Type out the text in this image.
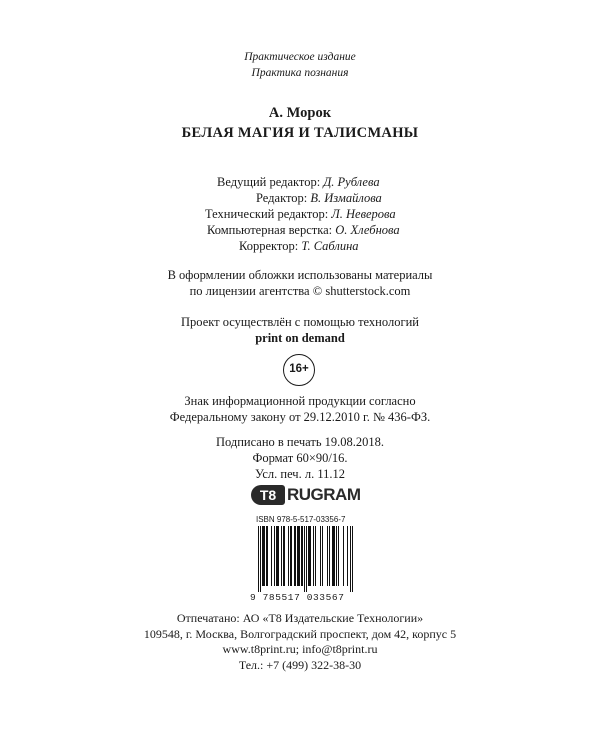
Практическое издание
Практика познания
А. Морок
БЕЛАЯ МАГИЯ И ТАЛИСМАНЫ
Ведущий редактор: Д. Рублева
Редактор: В. Измайлова
Технический редактор: Л. Неверова
Компьютерная верстка: О. Хлебнова
Корректор: Т. Саблина
В оформлении обложки использованы материалы
по лицензии агентства © shutterstock.com
Проект осуществлён с помощью технологий
print on demand
16+
Знак информационной продукции согласно
Федеральному закону от 29.12.2010 г. № 436-ФЗ.
Подписано в печать 19.08.2018.
Формат 60×90/16.
Усл. печ. л. 11.12
T8 RUGRAM
ISBN 978-5-517-03356-7
9 785517 033567
Отпечатано: АО «Т8 Издательские Технологии»
109548, г. Москва, Волгоградский проспект, дом 42, корпус 5
www.t8print.ru; info@t8print.ru
Тел.: +7 (499) 322-38-30
